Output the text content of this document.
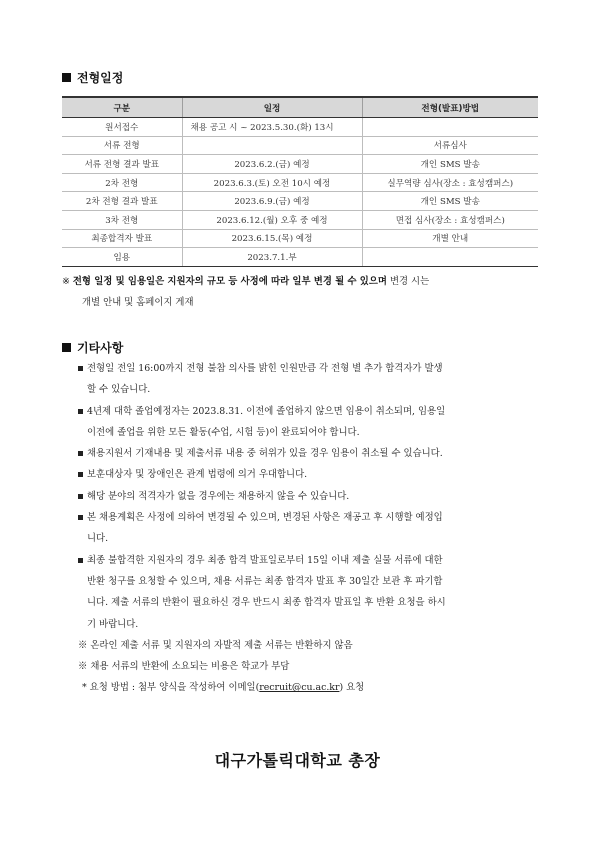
전형일정
구분	일정	전형(발표)방법
원서접수	채용 공고 시 ~ 2023.5.30.(화) 13시	
서류 전형		서류심사
서류 전형 결과 발표	2023.6.2.(금) 예정	개인 SMS 발송
2차 전형	2023.6.3.(토) 오전 10시 예정	실무역량 심사(장소 : 효성캠퍼스)
2차 전형 결과 발표	2023.6.9.(금) 예정	개인 SMS 발송
3차 전형	2023.6.12.(월) 오후 중 예정	면접 심사(장소 : 효성캠퍼스)
최종합격자 발표	2023.6.15.(목) 예정	개별 안내
임용	2023.7.1.부	
※ 전형 일정 및 임용일은 지원자의 규모 등 사정에 따라 일부 변경 될 수 있으며 변경 시는
개별 안내 및 홈페이지 게재
기타사항
전형일 전일 16:00까지 전형 불참 의사를 밝힌 인원만큼 각 전형 별 추가 합격자가 발생
할 수 있습니다.
4년제 대학 졸업예정자는 2023.8.31. 이전에 졸업하지 않으면 임용이 취소되며, 임용일
이전에 졸업을 위한 모든 활동(수업, 시험 등)이 완료되어야 합니다.
채용지원서 기재내용 및 제출서류 내용 중 허위가 있을 경우 임용이 취소될 수 있습니다.
보훈대상자 및 장애인은 관계 법령에 의거 우대합니다.
해당 분야의 적격자가 없을 경우에는 채용하지 않을 수 있습니다.
본 채용계획은 사정에 의하여 변경될 수 있으며, 변경된 사항은 재공고 후 시행할 예정입
니다.
최종 불합격한 지원자의 경우 최종 합격 발표일로부터 15일 이내 제출 실물 서류에 대한
반환 청구를 요청할 수 있으며, 채용 서류는 최종 합격자 발표 후 30일간 보관 후 파기합
니다. 제출 서류의 반환이 필요하신 경우 반드시 최종 합격자 발표일 후 반환 요청을 하시
기 바랍니다.
※ 온라인 제출 서류 및 지원자의 자발적 제출 서류는 반환하지 않음
※ 채용 서류의 반환에 소요되는 비용은 학교가 부담
* 요청 방법 : 첨부 양식을 작성하여 이메일(recruit@cu.ac.kr) 요청
대구가톨릭대학교 총장
